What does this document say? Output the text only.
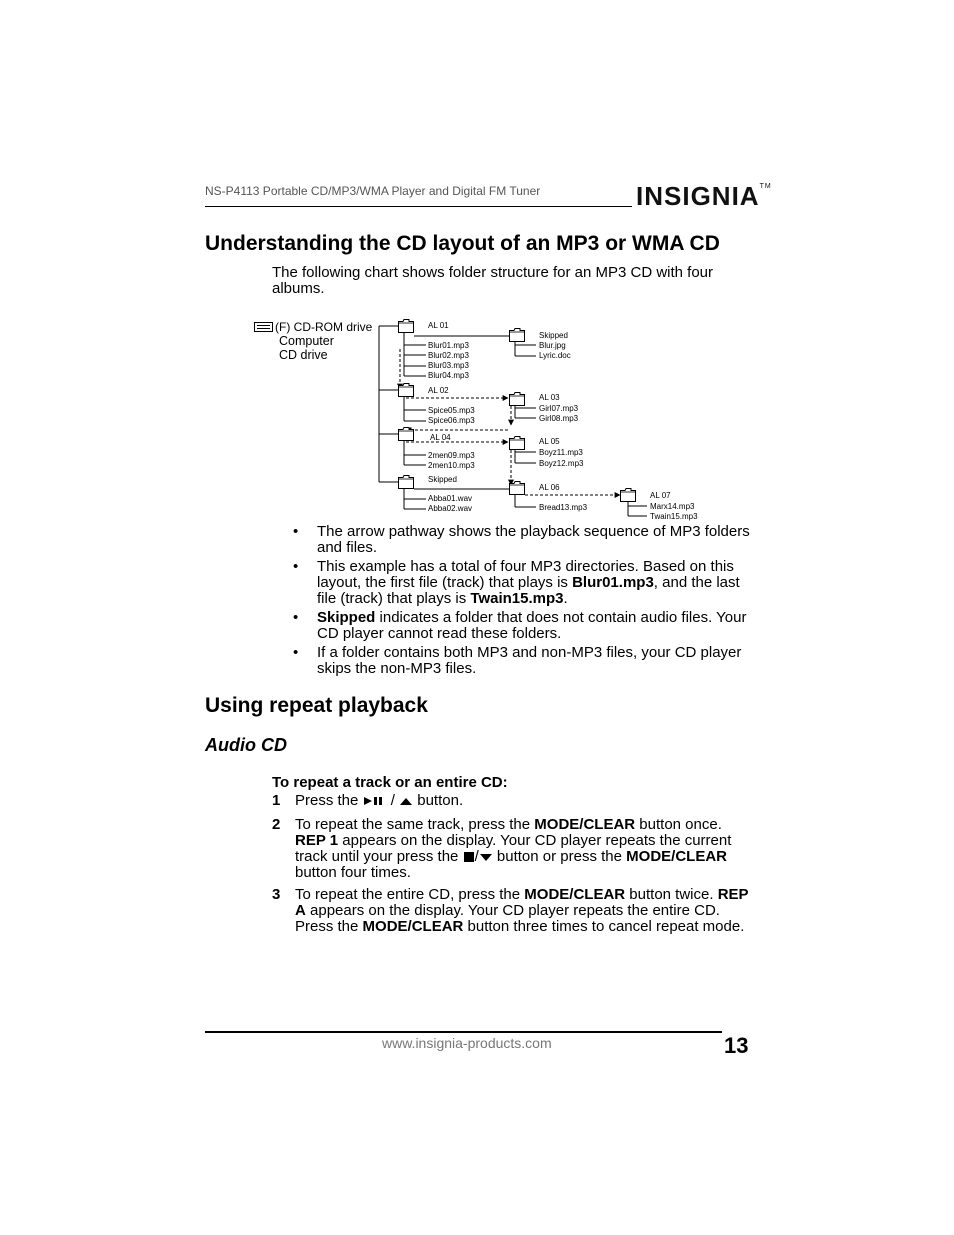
NS-P4113 Portable CD/MP3/WMA Player and Digital FM Tuner	INSIGNIA™
Understanding the CD layout of an MP3 or WMA CD
The following chart shows folder structure for an MP3 CD with four albums.
(F) CD-ROM drive
Computer
CD drive
AL 01
Blur01.mp3
Blur02.mp3
Blur03.mp3
Blur04.mp3
Skipped
Blur.jpg
Lyric.doc
AL 02
Spice05.mp3
Spice06.mp3
AL 03
Girl07.mp3
Girl08.mp3
AL 04
2men09.mp3
2men10.mp3
AL 05
Boyz11.mp3
Boyz12.mp3
Skipped
Abba01.wav
Abba02.wav
AL 06
Bread13.mp3
AL 07
Marx14.mp3
Twain15.mp3
• The arrow pathway shows the playback sequence of MP3 folders and files.
• This example has a total of four MP3 directories. Based on this layout, the first file (track) that plays is Blur01.mp3, and the last file (track) that plays is Twain15.mp3.
• Skipped indicates a folder that does not contain audio files. Your CD player cannot read these folders.
• If a folder contains both MP3 and non-MP3 files, your CD player skips the non-MP3 files.
Using repeat playback
Audio CD
To repeat a track or an entire CD:
1 Press the / button.
2 To repeat the same track, press the MODE/CLEAR button once. REP 1 appears on the display. Your CD player repeats the current track until your press the / button or press the MODE/CLEAR button four times.
3 To repeat the entire CD, press the MODE/CLEAR button twice. REP A appears on the display. Your CD player repeats the entire CD. Press the MODE/CLEAR button three times to cancel repeat mode.
www.insignia-products.com	13
